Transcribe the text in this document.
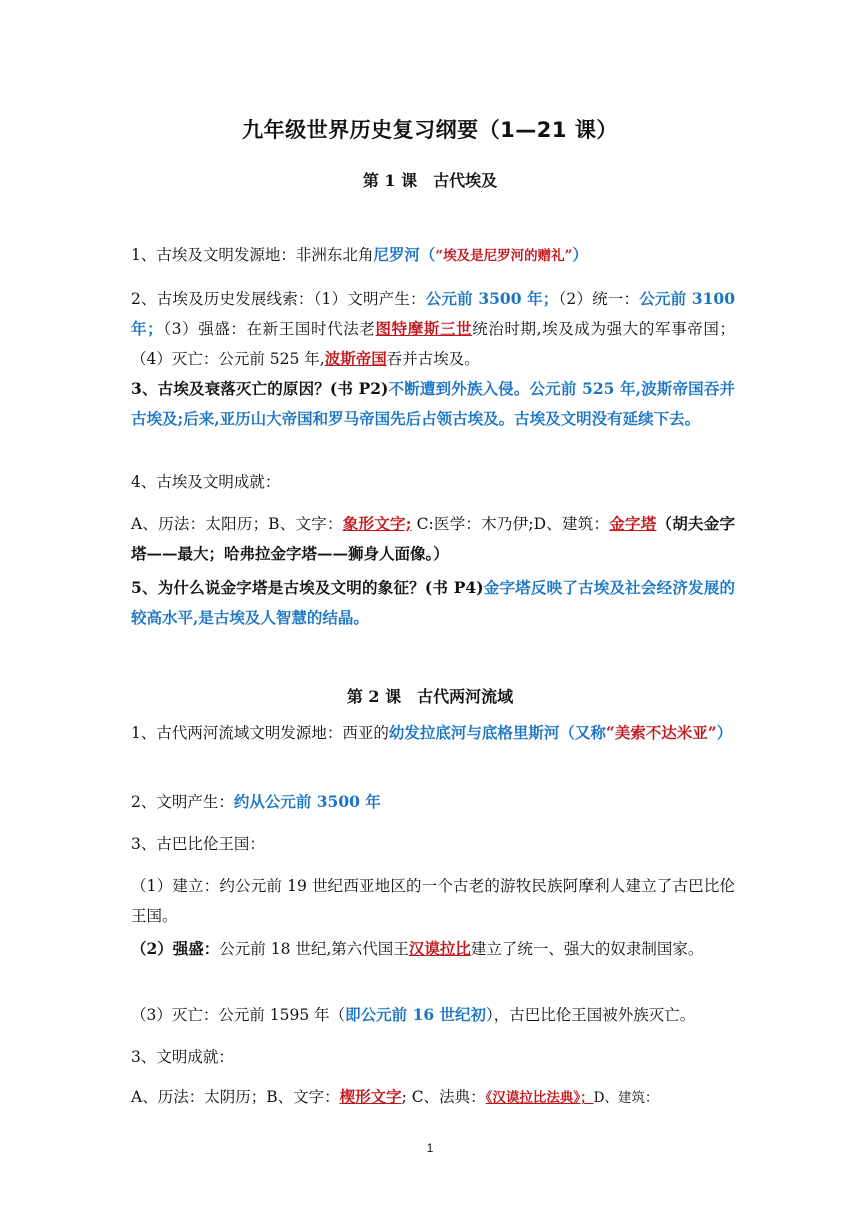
九年级世界历史复习纲要（1—21 课）
第 1 课　古代埃及
1、古埃及文明发源地：非洲东北角尼罗河（“埃及是尼罗河的赠礼”）
2、古埃及历史发展线索：（1）文明产生：公元前 3500 年；（2）统一：公元前 3100 年；（3）强盛：在新王国时代法老图特摩斯三世统治时期,埃及成为强大的军事帝国；（4）灭亡：公元前 525 年,波斯帝国吞并古埃及。
3、古埃及衰落灭亡的原因？(书 P2)不断遭到外族入侵。公元前 525 年,波斯帝国吞并古埃及;后来,亚历山大帝国和罗马帝国先后占领古埃及。古埃及文明没有延续下去。
4、古埃及文明成就：
A、历法：太阳历；B、文字：象形文字; C:医学：木乃伊;D、建筑：金字塔（胡夫金字塔——最大；哈弗拉金字塔——狮身人面像。）
5、为什么说金字塔是古埃及文明的象征？(书 P4)金字塔反映了古埃及社会经济发展的较高水平,是古埃及人智慧的结晶。
第 2 课　古代两河流域
1、古代两河流域文明发源地：西亚的幼发拉底河与底格里斯河（又称“美索不达米亚”）
2、文明产生：约从公元前 3500 年
3、古巴比伦王国：
（1）建立：约公元前 19 世纪西亚地区的一个古老的游牧民族阿摩利人建立了古巴比伦王国。
（2）强盛：公元前 18 世纪,第六代国王汉谟拉比建立了统一、强大的奴隶制国家。
（3）灭亡：公元前 1595 年（即公元前 16 世纪初），古巴比伦王国被外族灭亡。
3、文明成就：
A、历法：太阴历；B、文字：楔形文字; C、法典：《汉谟拉比法典》；D、建筑：
1
